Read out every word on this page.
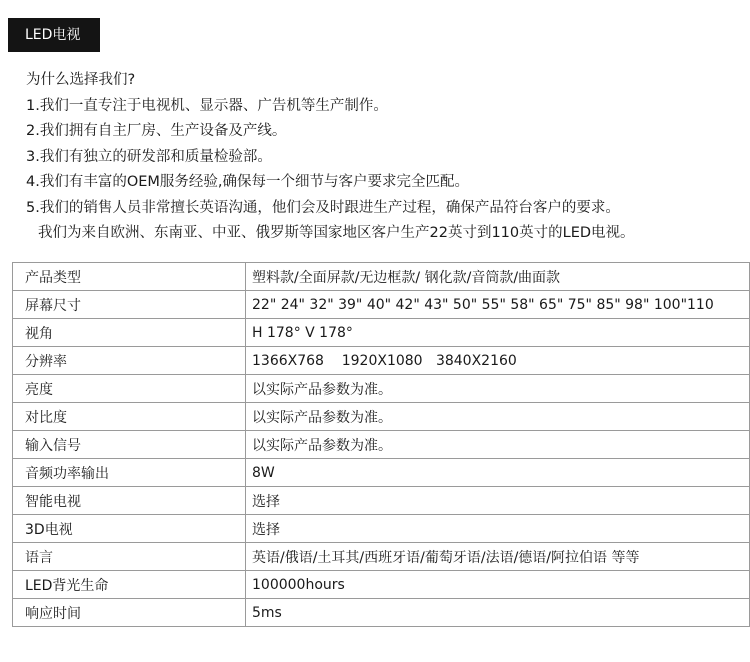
LED电视
为什么选择我们?
1.我们一直专注于电视机、显示器、广告机等生产制作。
2.我们拥有自主厂房、生产设备及产线。
3.我们有独立的研发部和质量检验部。
4.我们有丰富的OEM服务经验,确保每一个细节与客户要求完全匹配。
5.我们的销售人员非常擅长英语沟通，他们会及时跟进生产过程，确保产品符台客户的要求。
我们为来自欧洲、东南亚、中亚、俄罗斯等国家地区客户生产22英寸到110英寸的LED电视。
产品类型	塑料款/全面屏款/无边框款/ 钢化款/音筒款/曲面款
屏幕尺寸	22" 24" 32" 39" 40" 42" 43" 50" 55" 58" 65" 75" 85" 98" 100"110
视角	H 178° V 178°
分辨率	1366X768    1920X1080   3840X2160
亮度	以实际产品参数为准。
对比度	以实际产品参数为准。
输入信号	以实际产品参数为准。
音频功率输出	8W
智能电视	选择
3D电视	选择
语言	英语/俄语/土耳其/西班牙语/葡萄牙语/法语/德语/阿拉伯语 等等
LED背光生命	100000hours
响应时间	5ms
